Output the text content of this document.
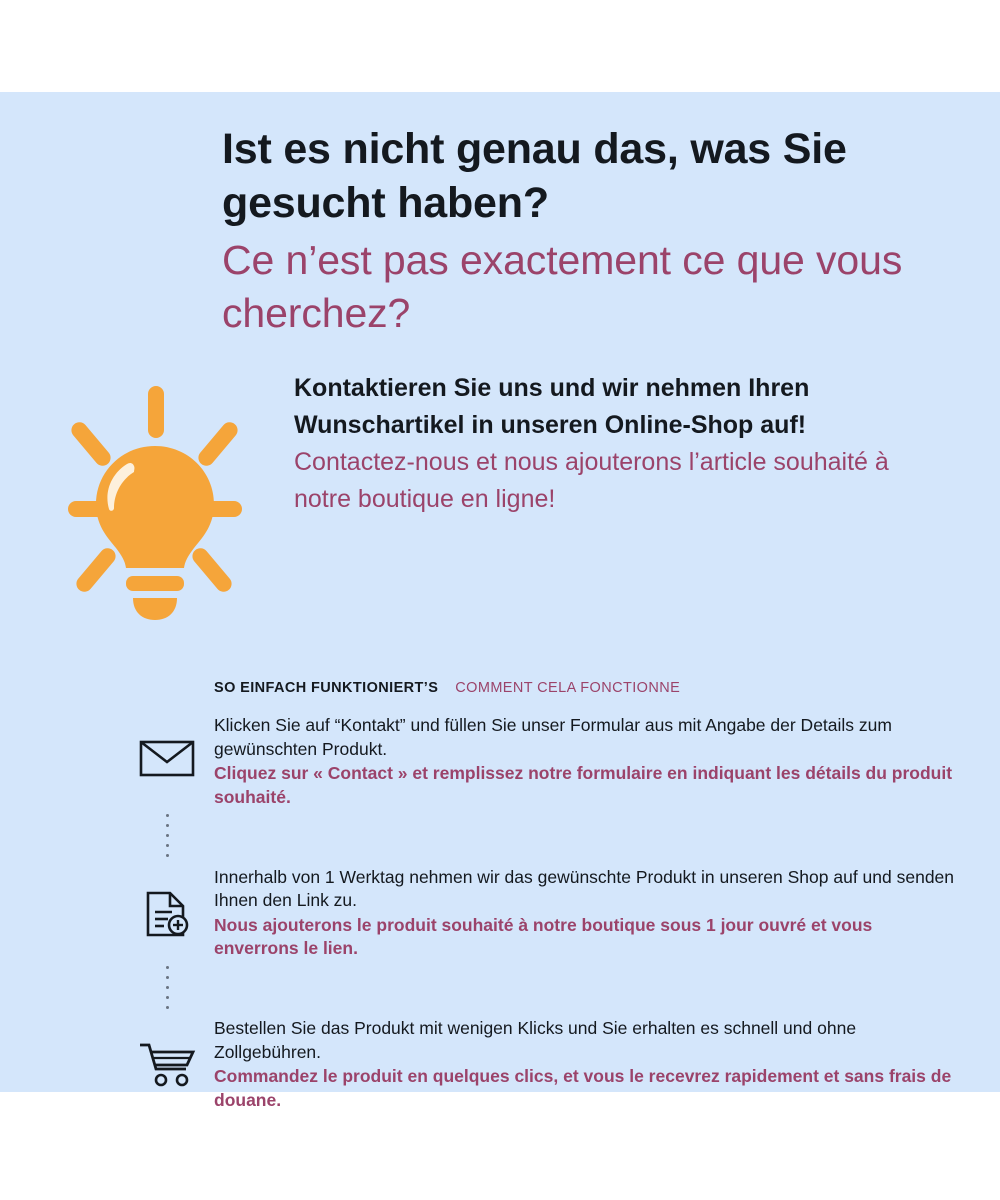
Ist es nicht genau das, was Sie gesucht haben?

Ce n’est pas exactement ce que vous cherchez?

Kontaktieren Sie uns und wir nehmen Ihren Wunschartikel in unseren Online-Shop auf!

Contactez-nous et nous ajouterons l’article souhaité à notre boutique en ligne!

SO EINFACH FUNKTIONIERT’S COMMENT CELA FONCTIONNE

Klicken Sie auf “Kontakt” und füllen Sie unser Formular aus mit Angabe der Details zum gewünschten Produkt.

Cliquez sur « Contact » et remplissez notre formulaire en indiquant les détails du produit souhaité.

Innerhalb von 1 Werktag nehmen wir das gewünschte Produkt in unseren Shop auf und senden Ihnen den Link zu.

Nous ajouterons le produit souhaité à notre boutique sous 1 jour ouvré et vous enverrons le lien.

Bestellen Sie das Produkt mit wenigen Klicks und Sie erhalten es schnell und ohne Zollgebühren.

Commandez le produit en quelques clics, et vous le recevrez rapidement et sans frais de douane.
